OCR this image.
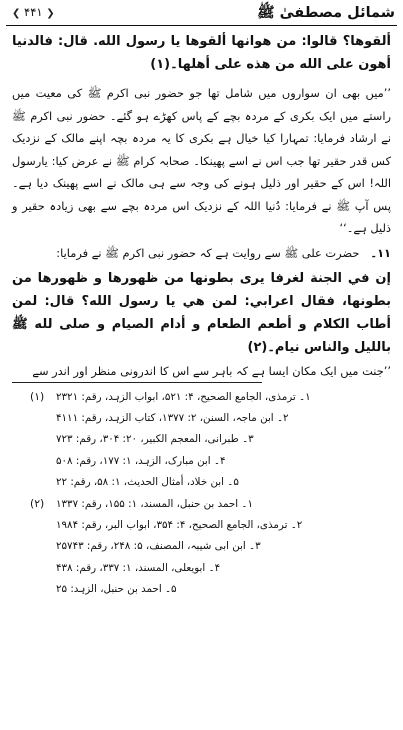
شمائل مصطفیٰ ﷺ
❮ ۴۴۱ ❯

ألقوها؟ قالوا: من هوانها ألقوها يا رسول الله. قال: فالدنيا أهون على الله من هذه على أهلها۔(۱)

’’میں بھی ان سواروں میں شامل تھا جو حضور نبی اکرم ﷺ کی معیت میں راستے میں ایک بکری کے مردہ بچے کے پاس کھڑے ہو گئے۔ حضور نبی اکرم ﷺ نے ارشاد فرمایا: تمہارا کیا خیال ہے بکری کا یہ مردہ بچہ اپنے مالک کے نزدیک کس قدر حقیر تھا جب اس نے اسے پھینکا۔ صحابہ کرام ﷺ نے عرض کیا: یارسول اللہ! اس کے حقیر اور ذلیل ہونے کی وجہ سے ہی مالک نے اسے پھینک دیا ہے۔ پس آپ ﷺ نے فرمایا: دُنیا اللہ کے نزدیک اس مردہ بچے سے بھی زیادہ حقیر و ذلیل ہے۔‘‘

۱۱۔ حضرت علی ﷺ سے روایت ہے کہ حضور نبی اکرم ﷺ نے فرمایا:

إن في الجنة لغرفا يرى بطونها من ظهورها و ظهورها من بطونها، فقال اعرابي: لمن هي يا رسول الله؟ قال: لمن أطاب الكلام و أطعم الطعام و أدام الصيام و صلى لله ﷺ بالليل والناس نيام۔(۲)

’’جنت میں ایک مکان ایسا ہے کہ باہر سے اس کا اندرونی منظر اور اندر سے

(۱)	۱۔ ترمذی، الجامع الصحیح، ۴: ۵۲۱، ابواب الزہد، رقم: ۲۳۲۱
۲۔ ابن ماجہ، السنن، ۲: ۱۳۷۷، کتاب الزہد، رقم: ۴۱۱۱
۳۔ طبرانی، المعجم الکبیر، ۲۰: ۳۰۴، رقم: ۷۲۳
۴۔ ابن مبارک، الزہد، ۱: ۱۷۷، رقم: ۵۰۸
۵۔ ابن خلاد، أمثال الحدیث، ۱: ۵۸، رقم: ۲۲
(۲)	۱۔ احمد بن حنبل، المسند، ۱: ۱۵۵، رقم: ۱۳۳۷
۲۔ ترمذی، الجامع الصحیح، ۴: ۳۵۴، ابواب البر، رقم: ۱۹۸۴
۳۔ ابن ابی شیبہ، المصنف، ۵: ۲۴۸، رقم: ۲۵۷۴۳
۴۔ ابویعلی، المسند، ۱: ۳۳۷، رقم: ۴۳۸
۵۔ احمد بن حنبل، الزہد: ۲۵
